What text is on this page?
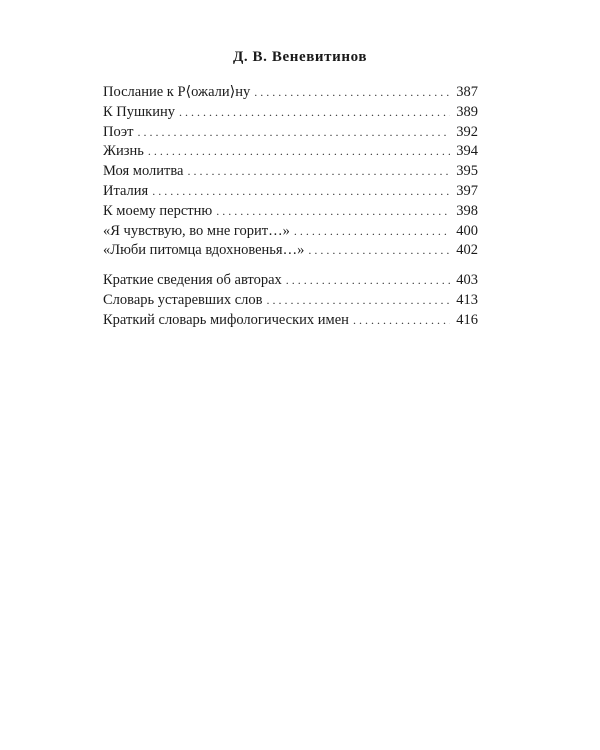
Д. В. Веневитинов
Послание к Р⟨ожали⟩ну . . .	387
К Пушкину . . .	389
Поэт . . .	392
Жизнь . . .	394
Моя молитва . . .	395
Италия . . .	397
К моему перстню . . .	398
«Я чувствую, во мне горит…» . . .	400
«Люби питомца вдохновенья…» . . .	402
Краткие сведения об авторах . . .	403
Словарь устаревших слов . . .	413
Краткий словарь мифологических имен . . .	416
